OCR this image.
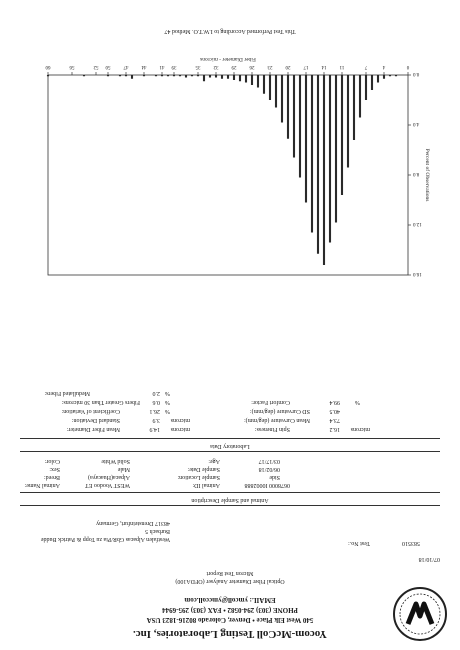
Yocom-McColl Testing Laboratories, Inc.
540 West Elk Place • Denver, Colorado 80216-1823 USA
PHONE (303) 294-0582 • FAX (303) 295-6944
EMAIL: ymcoll@ymccoll.com
Optical Fiber Diameter Analyser (OFDA100)
Micron Test Report
07/10/18
Westfalen Alpacas GbR/Pia zu Topp & Patrick Budde
Burbach 5
48317 Drensteinfurt, Germany
Test No.:	583510
Animal and Sample Description
Animal Name:	WEST Voodoo ET	Animal ID:	0678000 I0002888
Breed:	Alpaca(Huacaya)	Sample Location:	Side
Sex:	Male	Sample Date:	06/02/18
Color:	Solid White	Age:	03/17/17
Laboratory Data
Mean Fiber Diameter:	14.9 microns	Spin Fineness:	16.2 microns
Standard Deviation:	3.9 microns	Mean Curvature (deg/mm):	73.4
Coefficient of Variation:	26.1 %	SD Curvature (deg/mm):	40.5
Fibers Greater Than 30 microns: 0.6 %	Comfort Factor:	99.4	%
Medullated Fibers:	2.0 %
0.0
4.0
8.0
12.0
16.0
0
4
7
11
14
17
20
23
26
29
32
35
39
41
44
47
50
52
56
60
Fiber Diameter - microns
Percent of Observations
This Test Performed According to I.W.T.O. Method 47
